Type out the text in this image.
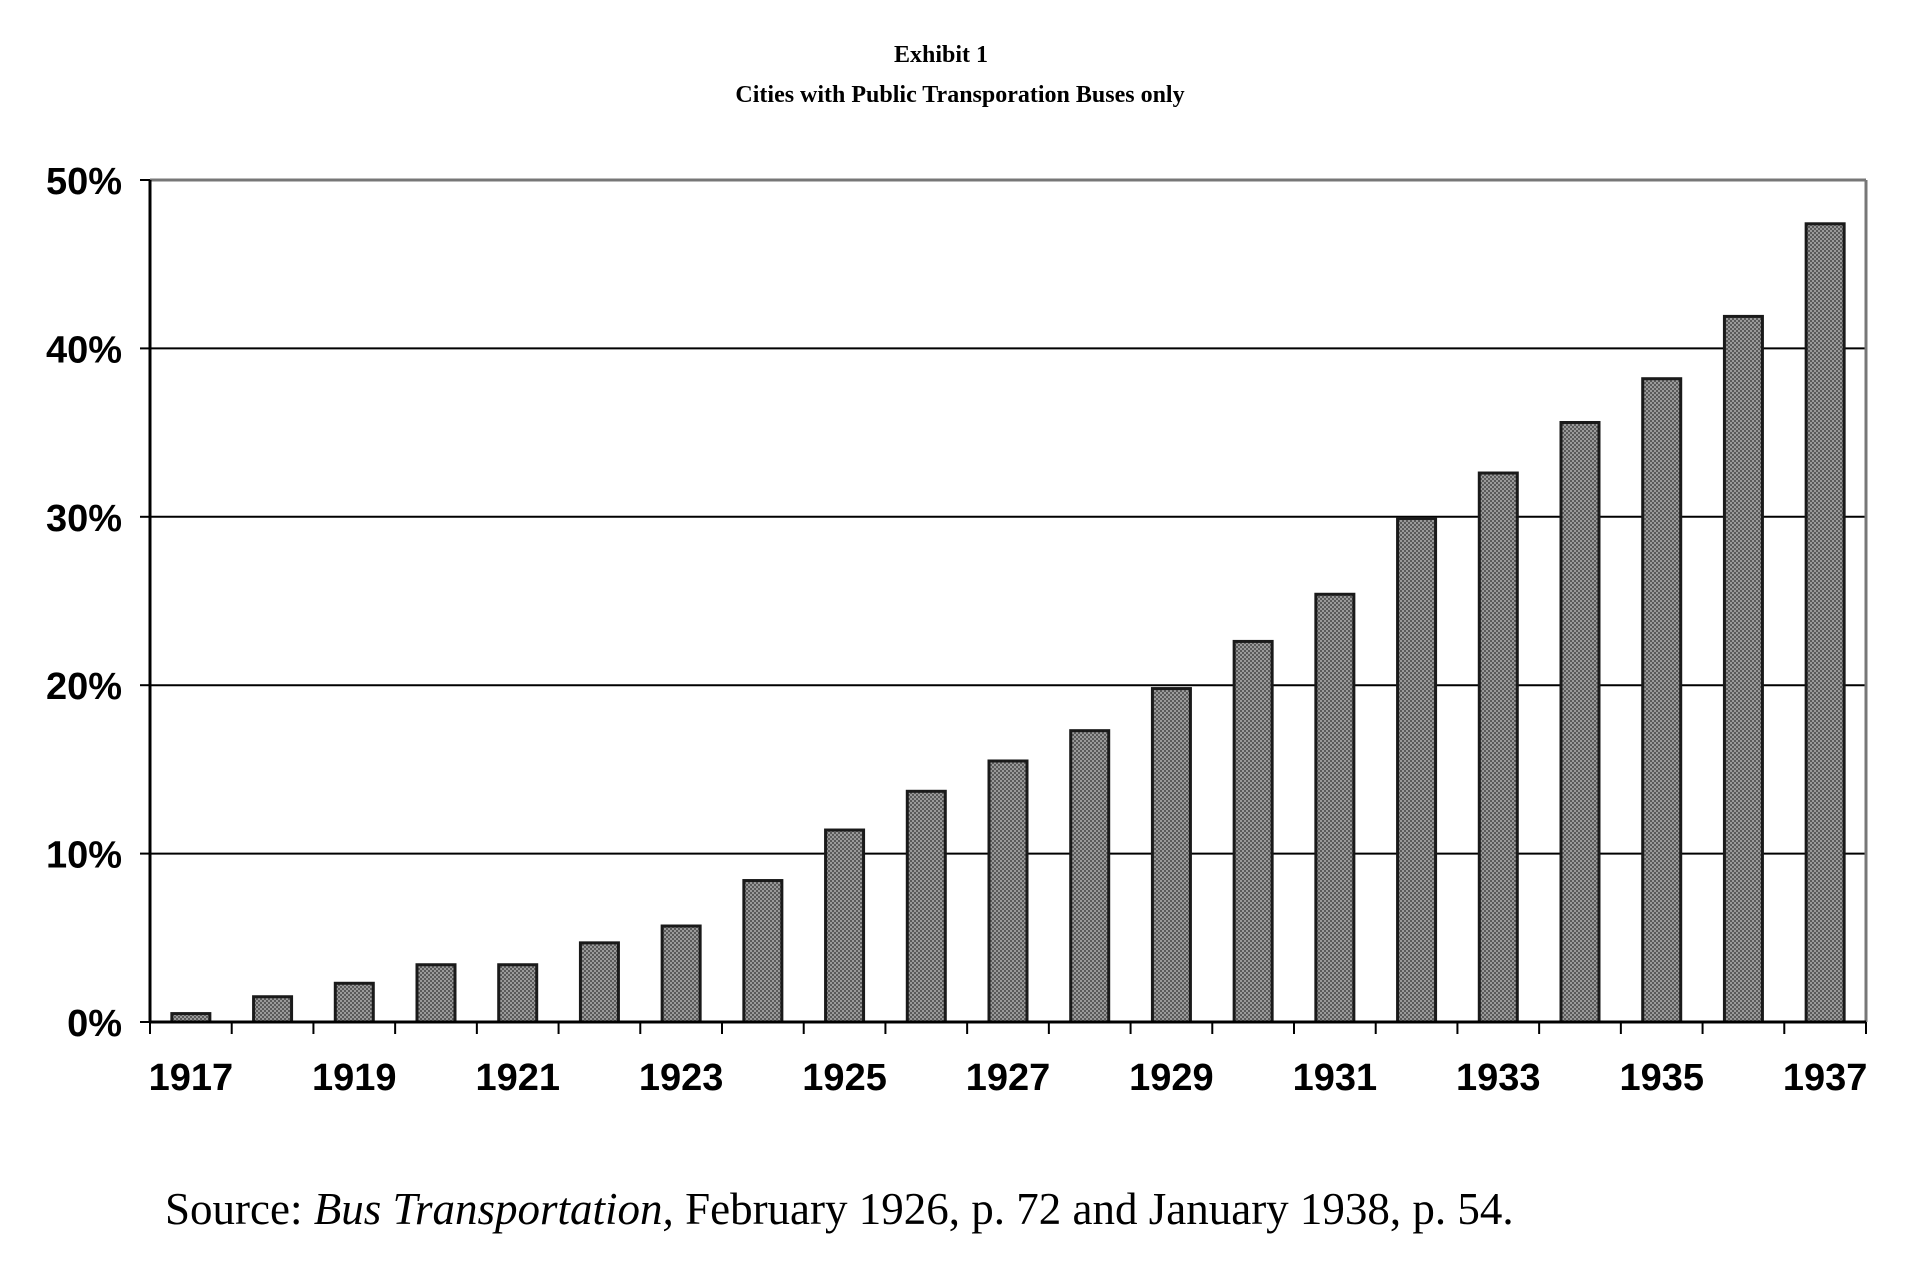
Exhibit 1
Cities with Public Transporation Buses only
0%
10%
20%
30%
40%
50%
1917 1919 1921 1923 1925 1927 1929 1931 1933 1935 1937
Source: Bus Transportation, February 1926, p. 72 and January 1938, p. 54.
